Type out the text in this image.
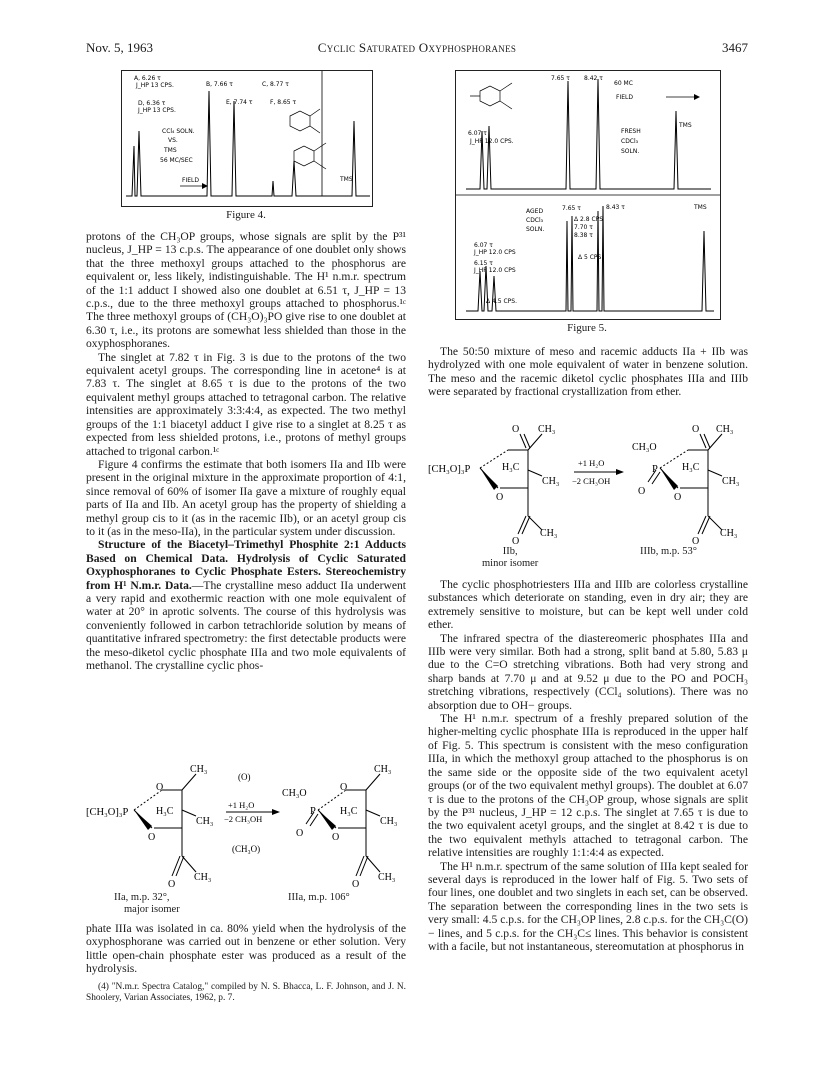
Nov. 5, 1963	Cyclic Saturated Oxyphosphoranes	3467
A, 6.26 τ
J_HP 13 CPS.
D, 6.36 τ
J_HP 13 CPS.
B, 7.66 τ
E, 7.74 τ
C, 8.77 τ
F, 8.65 τ
CCl₄ SOLN.
VS.
TMS
56 MC/SEC
FIELD	TMS
Figure 4.
60 MC
FIELD
FRESH
CDCl₃
SOLN.
TMS
7.65 τ 8.42 τ
6.07 τ
J_HP 12.0 CPS.
AGED
CDCl₃
SOLN.
6.07 τ
J_HP 12.0 CPS
6.15 τ
J_HP 12.0 CPS
Δ 4.5 CPS.
7.65 τ
Δ 2.8 CPS
7.70 τ
8.38 τ
Δ 5 CPS
8.43 τ	TMS
Figure 5.

protons of the CH₃OP groups, whose signals are split by the P³¹ nucleus, J_HP = 13 c.p.s. The appearance of one doublet only shows that the three methoxyl groups attached to the phosphorus are equivalent or, less likely, indistinguishable. The H¹ n.m.r. spectrum of the 1:1 adduct I showed also one doublet at 6.51 τ, J_HP = 13 c.p.s., due to the three methoxyl groups attached to phosphorus.¹ᶜ The three methoxyl groups of (CH₃O)₃PO give rise to one doublet at 6.30 τ, i.e., its protons are somewhat less shielded than those in the oxyphosphoranes.

The singlet at 7.82 τ in Fig. 3 is due to the protons of the two equivalent acetyl groups. The corresponding line in acetone⁴ is at 7.83 τ. The singlet at 8.65 τ is due to the protons of the two equivalent methyl groups attached to tetragonal carbon. The relative intensities are approximately 3:3:4:4, as expected. The two methyl groups of the 1:1 biacetyl adduct I give rise to a singlet at 8.25 τ as expected from less shielded protons, i.e., protons of methyl groups attached to trigonal carbon.¹ᶜ

Figure 4 confirms the estimate that both isomers IIa and IIb were present in the original mixture in the approximate proportion of 4:1, since removal of 60% of isomer IIa gave a mixture of roughly equal parts of IIa and IIb. An acetyl group has the property of shielding a methyl group cis to it (as in the racemic IIb), or an acetyl group cis to it (as in the meso-IIa), in the particular system under discussion.

Structure of the Biacetyl–Trimethyl Phosphite 2:1 Adducts Based on Chemical Data. Hydrolysis of Cyclic Saturated Oxyphosphoranes to Cyclic Phosphate Esters. Stereochemistry from H¹ N.m.r. Data.—The crystalline meso adduct IIa underwent a very rapid and exothermic reaction with one mole equivalent of water at 20° in aprotic solvents. The course of this hydrolysis was conveniently followed in carbon tetrachloride solution by means of quantitative infrared spectrometry: the first detectable products were the meso-diketol cyclic phosphate IIIa and two mole equivalents of methanol. The crystalline cyclic phos-

[CH₃O]₃P
O
O
O
CH₃
H₃C
CH₃
CH₃
(O)
+1 H₂O
−2 CH₃OH
(CH₃O)
CH₃O
P
O
O
O
O
CH₃
H₃C
CH₃
CH₃
IIa, m.p. 32°,
major isomer
IIIa, m.p. 106°

phate IIIa was isolated in ca. 80% yield when the hydrolysis of the oxyphosphorane was carried out in benzene or ether solution. Very little open-chain phosphate ester was produced as a result of the hydrolysis.

(4) "N.m.r. Spectra Catalog," compiled by N. S. Bhacca, L. F. Johnson, and J. N. Shoolery, Varian Associates, 1962, p. 7.

The 50:50 mixture of meso and racemic adducts IIa + IIb was hydrolyzed with one mole equivalent of water in benzene solution. The meso and the racemic diketol cyclic phosphates IIIa and IIIb were separated by fractional crystallization from ether.

[CH₃O]₃P
O
O
O
CH₃
H₃C
CH₃
CH₃
+1 H₂O
−2 CH₃OH
CH₃O
P
O
O
O
O
CH₃
H₃C
CH₃
CH₃
IIb,
minor isomer
IIIb, m.p. 53°

The cyclic phosphotriesters IIIa and IIIb are colorless crystalline substances which deteriorate on standing, even in dry air; they are extremely sensitive to moisture, but can be kept well under cold ether.

The infrared spectra of the diastereomeric phosphates IIIa and IIIb were very similar. Both had a strong, split band at 5.80, 5.83 μ due to the C=O stretching vibrations. Both had very strong and sharp bands at 7.70 μ and at 9.52 μ due to the PO and POCH₃ stretching vibrations, respectively (CCl₄ solutions). There was no absorption due to OH− groups.

The H¹ n.m.r. spectrum of a freshly prepared solution of the higher-melting cyclic phosphate IIIa is reproduced in the upper half of Fig. 5. This spectrum is consistent with the meso configuration IIIa, in which the methoxyl group attached to the phosphorus is on the same side or the opposite side of the two equivalent acetyl groups (or of the two equivalent methyl groups). The doublet at 6.07 τ is due to the protons of the CH₃OP group, whose signals are split by the P³¹ nucleus, J_HP = 12 c.p.s. The singlet at 7.65 τ is due to the two equivalent acetyl groups, and the singlet at 8.42 τ is due to the two equivalent methyls attached to tetragonal carbon. The relative intensities are roughly 1:1:4:4 as expected.

The H¹ n.m.r. spectrum of the same solution of IIIa kept sealed for several days is reproduced in the lower half of Fig. 5. Two sets of four lines, one doublet and two singlets in each set, can be observed. The separation between the corresponding lines in the two sets is very small: 4.5 c.p.s. for the CH₃OP lines, 2.8 c.p.s. for the CH₃C(O)− lines, and 5 c.p.s. for the CH₃C≤ lines. This behavior is consistent with a facile, but not instantaneous, stereomutation at phosphorus in
